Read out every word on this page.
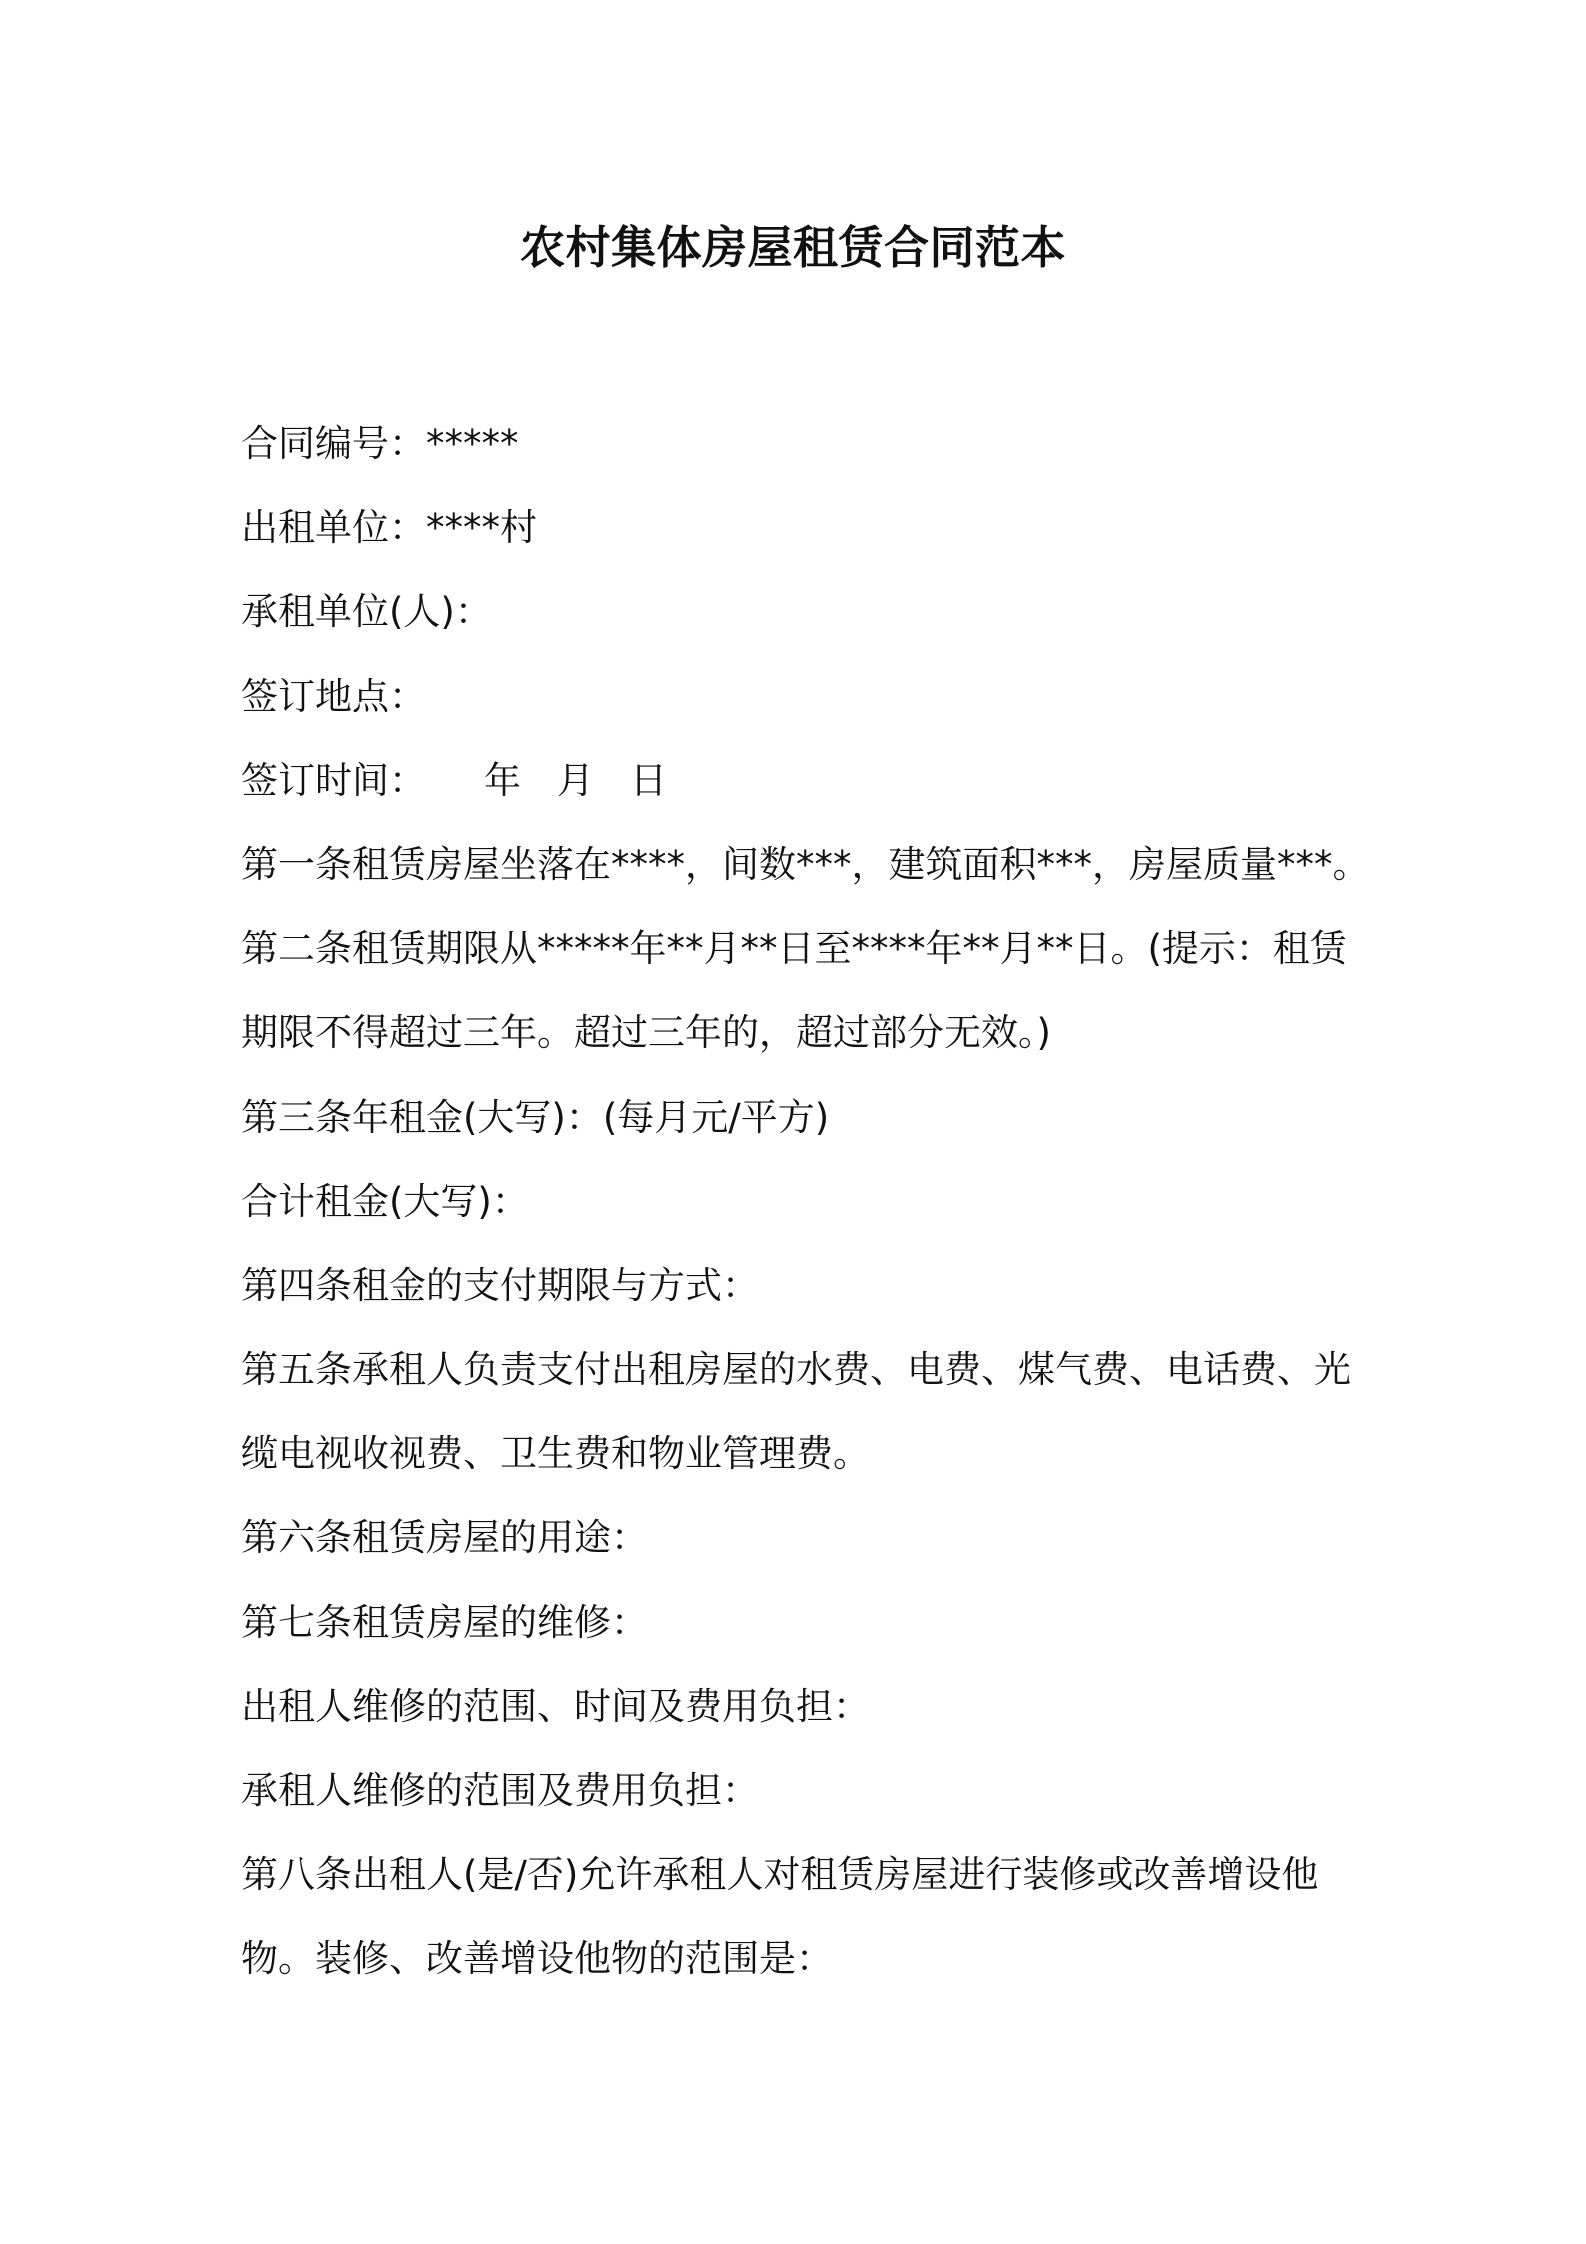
农村集体房屋租赁合同范本

合同编号：*****

出租单位：****村

承租单位(人)：

签订地点：

签订时间： 年 月 日

第一条租赁房屋坐落在****，间数***，建筑面积***，房屋质量***。

第二条租赁期限从*****年**月**日至****年**月**日。(提示：租赁

期限不得超过三年。超过三年的，超过部分无效。)

第三条年租金(大写)：(每月元/平方)

合计租金(大写)：

第四条租金的支付期限与方式：

第五条承租人负责支付出租房屋的水费、电费、煤气费、电话费、光

缆电视收视费、卫生费和物业管理费。

第六条租赁房屋的用途：

第七条租赁房屋的维修：

出租人维修的范围、时间及费用负担：

承租人维修的范围及费用负担：

第八条出租人(是/否)允许承租人对租赁房屋进行装修或改善增设他

物。装修、改善增设他物的范围是：
